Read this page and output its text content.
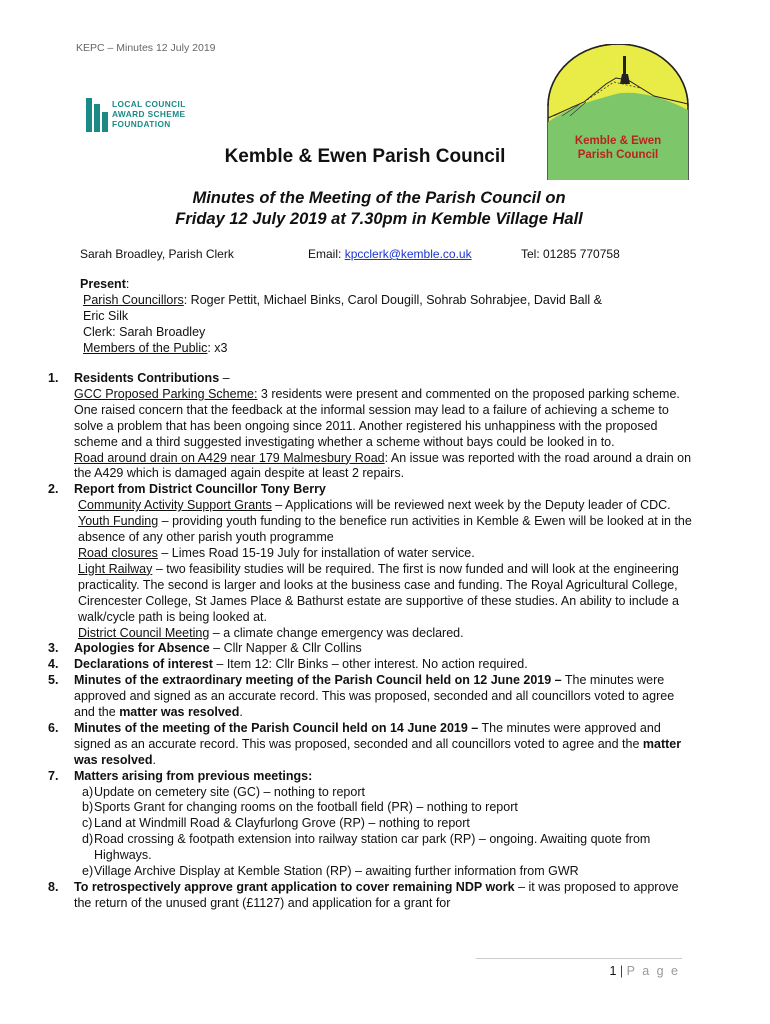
KEPC – Minutes 12 July 2019
LOCAL COUNCIL
AWARD SCHEME
FOUNDATION
Kemble & Ewen
Parish Council
Kemble & Ewen Parish Council
Minutes of the Meeting of the Parish Council on
Friday 12 July 2019 at 7.30pm in Kemble Village Hall
Sarah Broadley, Parish Clerk	Email: kpcclerk@kemble.co.uk	Tel: 01285 770758
Present:
Parish Councillors: Roger Pettit, Michael Binks, Carol Dougill, Sohrab Sohrabjee, David Ball &
Eric Silk
Clerk: Sarah Broadley
Members of the Public: x3
1. Residents Contributions –
GCC Proposed Parking Scheme: 3 residents were present and commented on the proposed parking scheme. One raised concern that the feedback at the informal session may lead to a failure of achieving a scheme to solve a problem that has been ongoing since 2011. Another registered his unhappiness with the proposed scheme and a third suggested investigating whether a scheme without bays could be looked in to.
Road around drain on A429 near 179 Malmesbury Road: An issue was reported with the road around a drain on the A429 which is damaged again despite at least 2 repairs.
2. Report from District Councillor Tony Berry
Community Activity Support Grants – Applications will be reviewed next week by the Deputy leader of CDC.
Youth Funding – providing youth funding to the benefice run activities in Kemble & Ewen will be looked at in the absence of any other parish youth programme
Road closures – Limes Road 15-19 July for installation of water service.
Light Railway – two feasibility studies will be required. The first is now funded and will look at the engineering practicality. The second is larger and looks at the business case and funding. The Royal Agricultural College, Cirencester College, St James Place & Bathurst estate are supportive of these studies. An ability to include a walk/cycle path is being looked at.
District Council Meeting – a climate change emergency was declared.
3. Apologies for Absence – Cllr Napper & Cllr Collins
4. Declarations of interest – Item 12: Cllr Binks – other interest. No action required.
5. Minutes of the extraordinary meeting of the Parish Council held on 12 June 2019 – The minutes were approved and signed as an accurate record. This was proposed, seconded and all councillors voted to agree and the matter was resolved.
6. Minutes of the meeting of the Parish Council held on 14 June 2019 – The minutes were approved and signed as an accurate record. This was proposed, seconded and all councillors voted to agree and the matter was resolved.
7. Matters arising from previous meetings:
a) Update on cemetery site (GC) – nothing to report
b) Sports Grant for changing rooms on the football field (PR) – nothing to report
c) Land at Windmill Road & Clayfurlong Grove (RP) – nothing to report
d) Road crossing & footpath extension into railway station car park (RP) – ongoing. Awaiting quote from Highways.
e) Village Archive Display at Kemble Station (RP) – awaiting further information from GWR
8. To retrospectively approve grant application to cover remaining NDP work – it was proposed to approve the return of the unused grant (£1127) and application for a grant for
1 | P a g e
